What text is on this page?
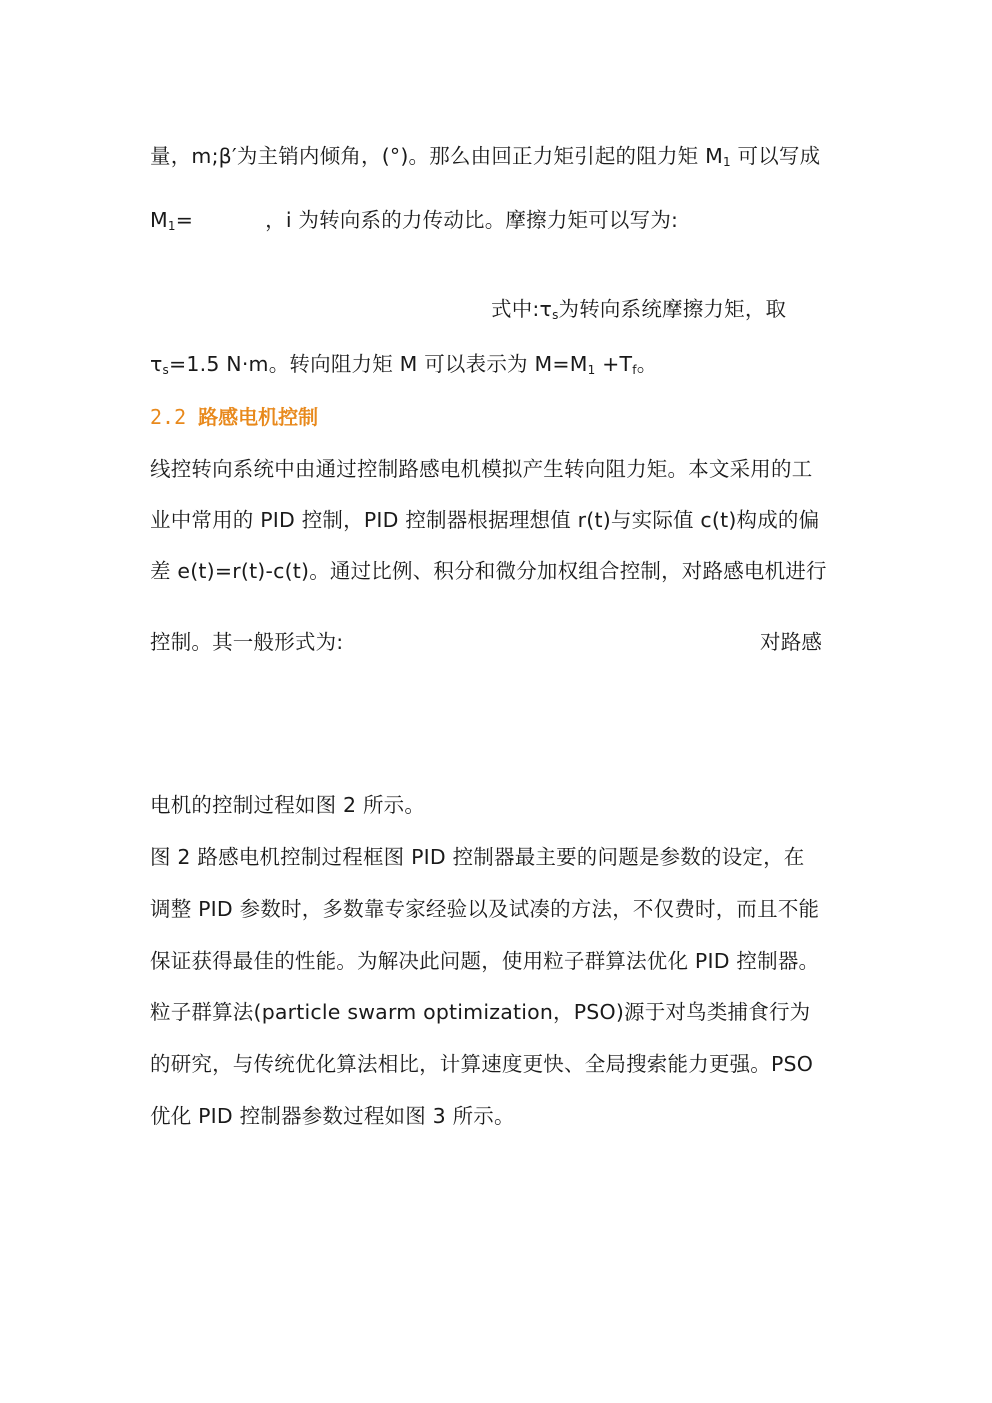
量，m;β′为主销内倾角，(°)。那么由回正力矩引起的阻力矩 $M_1$ 可以写成
$M_1=$	，i 为转向系的力传动比。摩擦力矩可以写为:
式中$:\tau_s$为转向系统摩擦力矩，取
$\tau_s=1.5$ N·m。转向阻力矩 M 可以表示为 $M=M_1 +T_f$。
2.2 路感电机控制
线控转向系统中由通过控制路感电机模拟产生转向阻力矩。本文采用的工
业中常用的 PID 控制，PID 控制器根据理想值 r(t)与实际值 c(t)构成的偏
差 e(t)=r(t)-c(t)。通过比例、积分和微分加权组合控制，对路感电机进行
控制。其一般形式为:	对路感
电机的控制过程如图 2 所示。
图 2 路感电机控制过程框图 PID 控制器最主要的问题是参数的设定，在
调整 PID 参数时，多数靠专家经验以及试凑的方法，不仅费时，而且不能
保证获得最佳的性能。为解决此问题，使用粒子群算法优化 PID 控制器。
粒子群算法(particle swarm optimization，PSO)源于对鸟类捕食行为
的研究，与传统优化算法相比，计算速度更快、全局搜索能力更强。PSO
优化 PID 控制器参数过程如图 3 所示。
